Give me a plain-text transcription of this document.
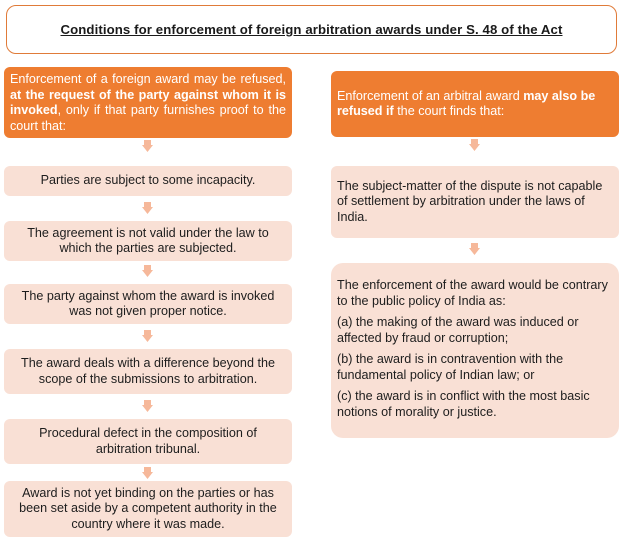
Conditions for enforcement of foreign arbitration awards under S. 48 of the Act
Enforcement of a foreign award may be refused, at the request of the party against whom it is invoked, only if that party furnishes proof to the court that:
Parties are subject to some incapacity.
The agreement is not valid under the law to which the parties are subjected.
The party against whom the award is invoked was not given proper notice.
The award deals with a difference beyond the scope of the submissions to arbitration.
Procedural defect in the composition of arbitration tribunal.
Award is not yet binding on the parties or has been set aside by a competent authority in the country where it was made.
Enforcement of an arbitral award may also be refused if the court finds that:
The subject-matter of the dispute is not capable of settlement by arbitration under the laws of India.

The enforcement of the award would be contrary to the public policy of India as:

(a) the making of the award was induced or affected by fraud or corruption;

(b) the award is in contravention with the fundamental policy of Indian law; or

(c) the award is in conflict with the most basic notions of morality or justice.
